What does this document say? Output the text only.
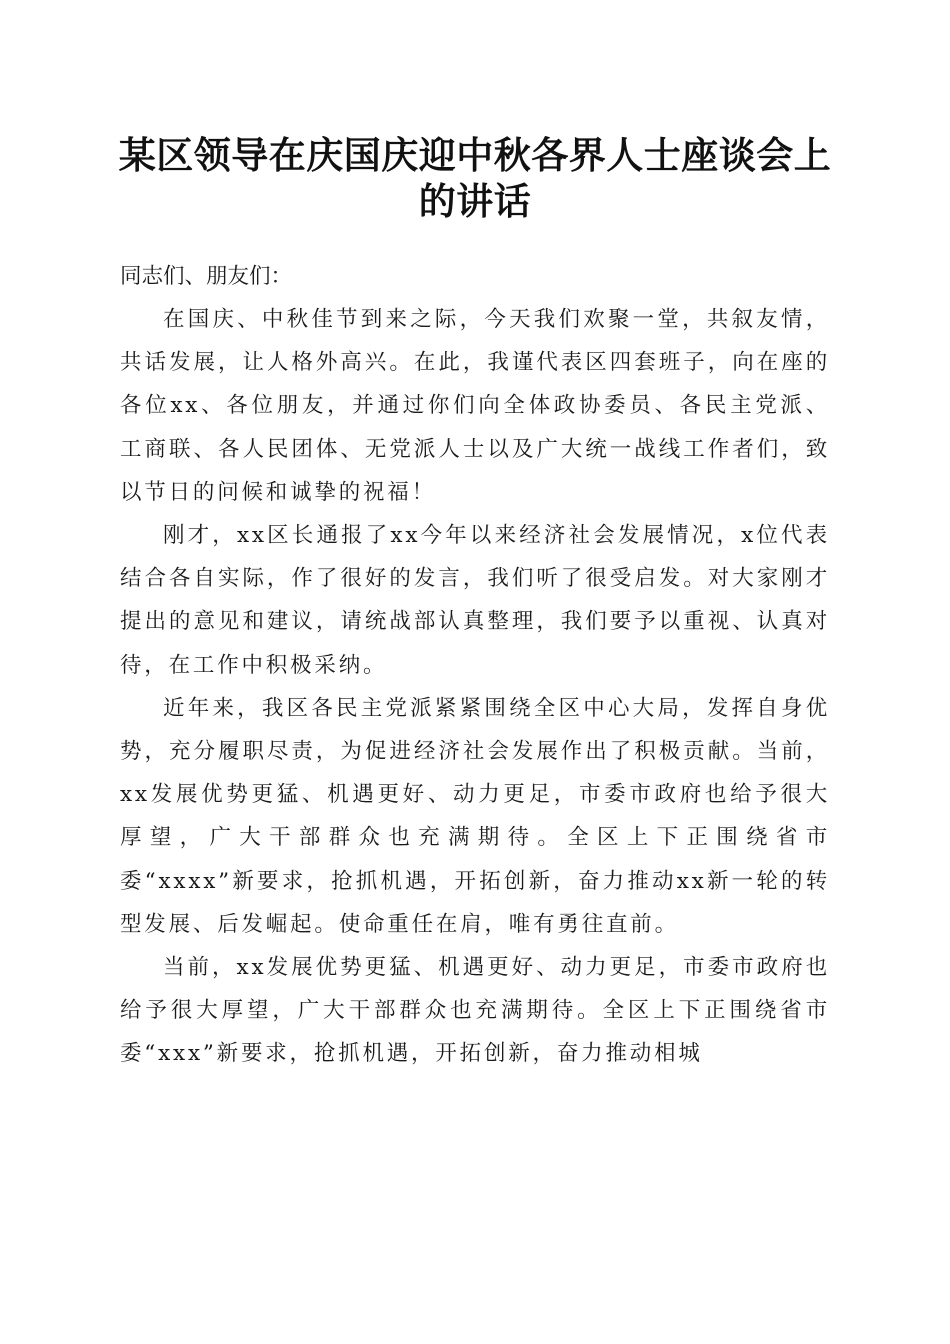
某区领导在庆国庆迎中秋各界人士座谈会上的讲话

同志们、朋友们：

在国庆、中秋佳节到来之际，今天我们欢聚一堂，共叙友情，共话发展，让人格外高兴。在此，我谨代表区四套班子，向在座的各位xx、各位朋友，并通过你们向全体政协委员、各民主党派、工商联、各人民团体、无党派人士以及广大统一战线工作者们，致以节日的问候和诚挚的祝福！

刚才，xx区长通报了xx今年以来经济社会发展情况，x位代表结合各自实际，作了很好的发言，我们听了很受启发。对大家刚才提出的意见和建议，请统战部认真整理，我们要予以重视、认真对待，在工作中积极采纳。

近年来，我区各民主党派紧紧围绕全区中心大局，发挥自身优势，充分履职尽责，为促进经济社会发展作出了积极贡献。当前，xx发展优势更猛、机遇更好、动力更足，市委市政府也给予很大厚望，广大干部群众也充满期待。全区上下正围绕省市委“xxxx”新要求，抢抓机遇，开拓创新，奋力推动xx新一轮的转型发展、后发崛起。使命重任在肩，唯有勇往直前。

当前，xx发展优势更猛、机遇更好、动力更足，市委市政府也给予很大厚望，广大干部群众也充满期待。全区上下正围绕省市委“xxx”新要求，抢抓机遇，开拓创新，奋力推动相城
